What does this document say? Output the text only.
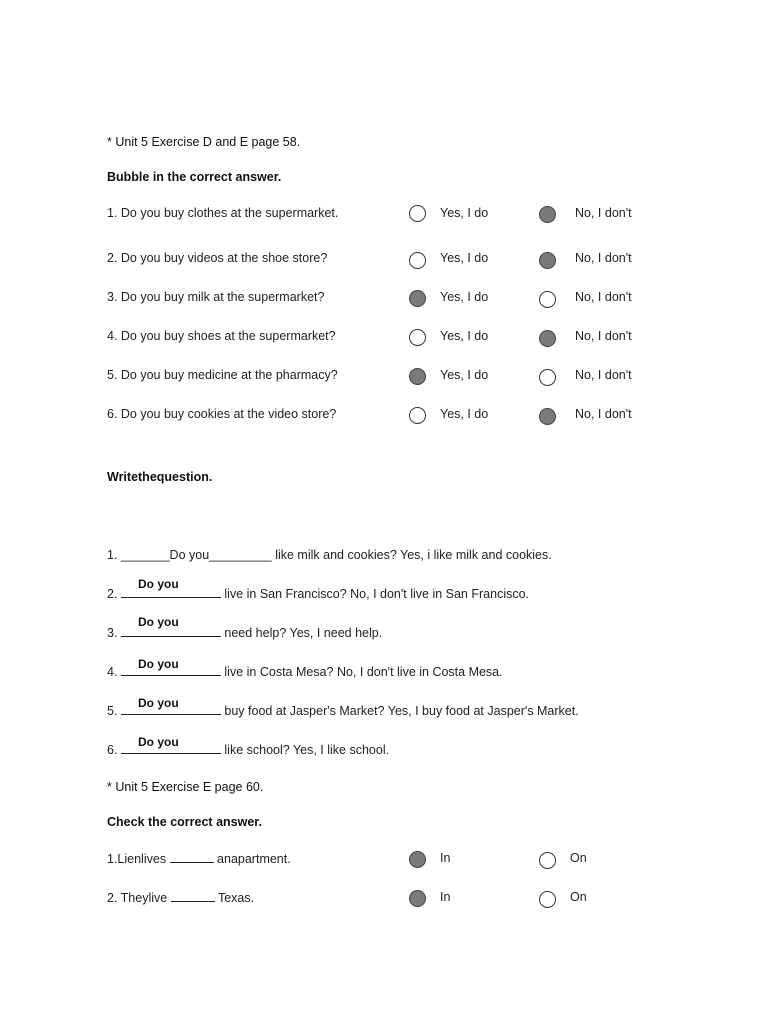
* Unit 5 Exercise D and E page 58.
Bubble in the correct answer.
1. Do you buy clothes at the supermarket.	Yes, I do	No, I don't
2. Do you buy videos at the shoe store?	Yes, I do	No, I don't
3. Do you buy milk at the supermarket?	Yes, I do	No, I don't
4. Do you buy shoes at the supermarket?	Yes, I do	No, I don't
5. Do you buy medicine at the pharmacy?	Yes, I do	No, I don't
6. Do you buy cookies at the video store?	Yes, I do	No, I don't
Writethequestion.
1. _______Do you_________ like milk and cookies? Yes, i like milk and cookies.
Do you
2.	live in San Francisco? No, I don't live in San Francisco.
Do you
3.	need help? Yes, I need help.
Do you
4.	live in Costa Mesa? No, I don't live in Costa Mesa.
Do you
5.	buy food at Jasper's Market? Yes, I buy food at Jasper's Market.
Do you
6.	like school? Yes, I like school.
* Unit 5 Exercise E page 60.
Check the correct answer.
1.Lienlives	anapartment.	In	On
2. Theylive	Texas.	In	On
